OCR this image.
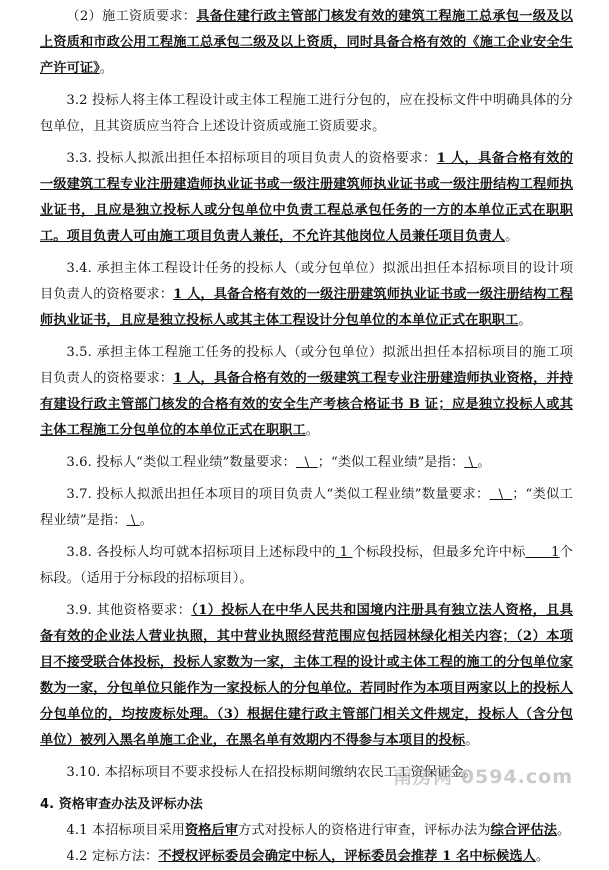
（2）施工资质要求：具备住建行政主管部门核发有效的建筑工程施工总承包一级及以上资质和市政公用工程施工总承包二级及以上资质，同时具备合格有效的《施工企业安全生产许可证》。

3.2 投标人将主体工程设计或主体工程施工进行分包的，应在投标文件中明确具体的分包单位，且其资质应当符合上述设计资质或施工资质要求。

3.3. 投标人拟派出担任本招标项目的项目负责人的资格要求：1 人，具备合格有效的一级建筑工程专业注册建造师执业证书或一级注册建筑师执业证书或一级注册结构工程师执业证书，且应是独立投标人或分包单位中负责工程总承包任务的一方的本单位正式在职职工。项目负责人可由施工项目负责人兼任，不允许其他岗位人员兼任项目负责人。

3.4. 承担主体工程设计任务的投标人（或分包单位）拟派出担任本招标项目的设计项目负责人的资格要求：1 人，具备合格有效的一级注册建筑师执业证书或一级注册结构工程师执业证书，且应是独立投标人或其主体工程设计分包单位的本单位正式在职职工。

3.5. 承担主体工程施工任务的投标人（或分包单位）拟派出担任本招标项目的施工项目负责人的资格要求：1 人，具备合格有效的一级建筑工程专业注册建造师执业资格，并持有建设行政主管部门核发的合格有效的安全生产考核合格证书 B 证；应是独立投标人或其主体工程施工分包单位的本单位正式在职职工。

3.6. 投标人“类似工程业绩”数量要求： \ ；“类似工程业绩”是指： \ 。

3.7. 投标人拟派出担任本项目的项目负责人“类似工程业绩”数量要求： \ ；“类似工程业绩”是指： \ 。

3.8. 各投标人均可就本招标项目上述标段中的 1 个标段投标，但最多允许中标 1个标段。（适用于分标段的招标项目）。

3.9. 其他资格要求：（1）投标人在中华人民共和国境内注册具有独立法人资格，且具备有效的企业法人营业执照，其中营业执照经营范围应包括园林绿化相关内容；（2）本项目不接受联合体投标，投标人家数为一家，主体工程的设计或主体工程的施工的分包单位家数为一家，分包单位只能作为一家投标人的分包单位。若同时作为本项目两家以上的投标人分包单位的，均按废标处理。（3）根据住建行政主管部门相关文件规定，投标人（含分包单位）被列入黑名单施工企业，在黑名单有效期内不得参与本项目的投标。

3.10. 本招标项目不要求投标人在招投标期间缴纳农民工工资保证金。

4. 资格审查办法及评标办法

4.1 本招标项目采用资格后审方式对投标人的资格进行审查，评标办法为综合评估法。

4.2 定标方法：不授权评标委员会确定中标人，评标委员会推荐 1 名中标候选人。

南房网 0594.com
